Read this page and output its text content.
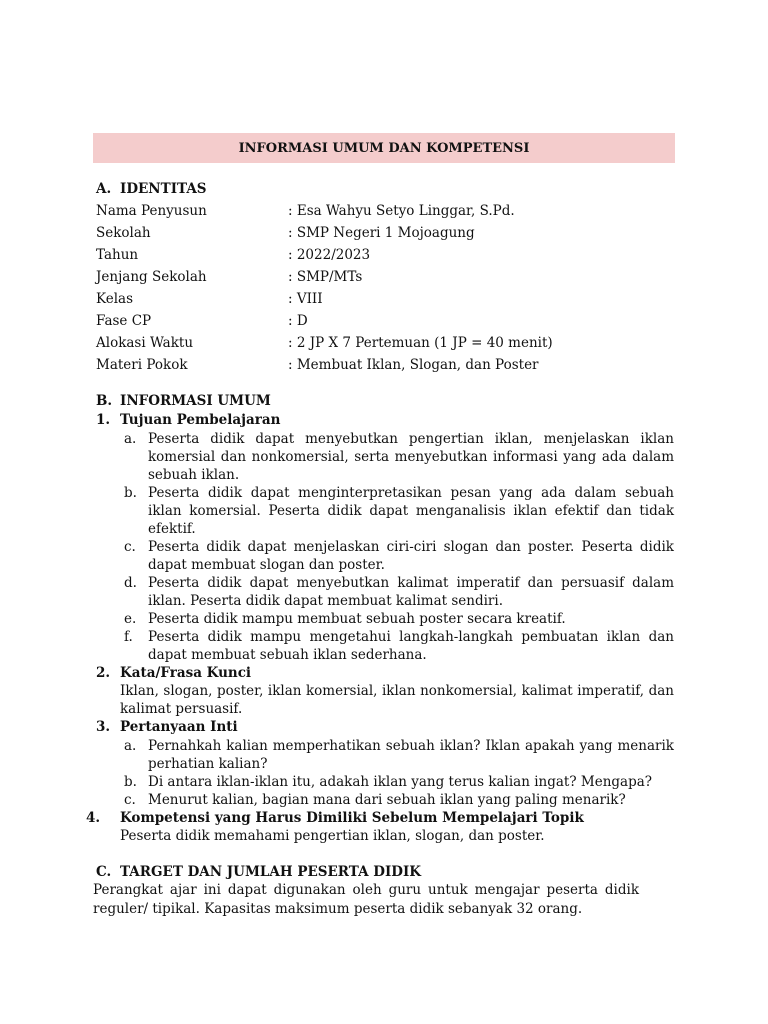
INFORMASI UMUM DAN KOMPETENSI
A. IDENTITAS
Nama Penyusun	: Esa Wahyu Setyo Linggar, S.Pd.
Sekolah	: SMP Negeri 1 Mojoagung
Tahun	: 2022/2023
Jenjang Sekolah	: SMP/MTs
Kelas	: VIII
Fase CP	: D
Alokasi Waktu	: 2 JP X 7 Pertemuan (1 JP = 40 menit)
Materi Pokok	: Membuat Iklan, Slogan, dan Poster
B. INFORMASI UMUM
1. Tujuan Pembelajaran
a. Peserta didik dapat menyebutkan pengertian iklan, menjelaskan iklan komersial dan nonkomersial, serta menyebutkan informasi yang ada dalam sebuah iklan.
b. Peserta didik dapat menginterpretasikan pesan yang ada dalam sebuah iklan komersial. Peserta didik dapat menganalisis iklan efektif dan tidak efektif.
c. Peserta didik dapat menjelaskan ciri-ciri slogan dan poster. Peserta didik dapat membuat slogan dan poster.
d. Peserta didik dapat menyebutkan kalimat imperatif dan persuasif dalam iklan. Peserta didik dapat membuat kalimat sendiri.
e. Peserta didik mampu membuat sebuah poster secara kreatif.
f. Peserta didik mampu mengetahui langkah-langkah pembuatan iklan dan dapat membuat sebuah iklan sederhana.
2. Kata/Frasa Kunci
Iklan, slogan, poster, iklan komersial, iklan nonkomersial, kalimat imperatif, dan kalimat persuasif.
3. Pertanyaan Inti
a. Pernahkah kalian memperhatikan sebuah iklan? Iklan apakah yang menarik perhatian kalian?
b. Di antara iklan-iklan itu, adakah iklan yang terus kalian ingat? Mengapa?
c. Menurut kalian, bagian mana dari sebuah iklan yang paling menarik?
4. Kompetensi yang Harus Dimiliki Sebelum Mempelajari Topik
Peserta didik memahami pengertian iklan, slogan, dan poster.
C. TARGET DAN JUMLAH PESERTA DIDIK
Perangkat ajar ini dapat digunakan oleh guru untuk mengajar peserta didik reguler/ tipikal. Kapasitas maksimum peserta didik sebanyak 32 orang.
